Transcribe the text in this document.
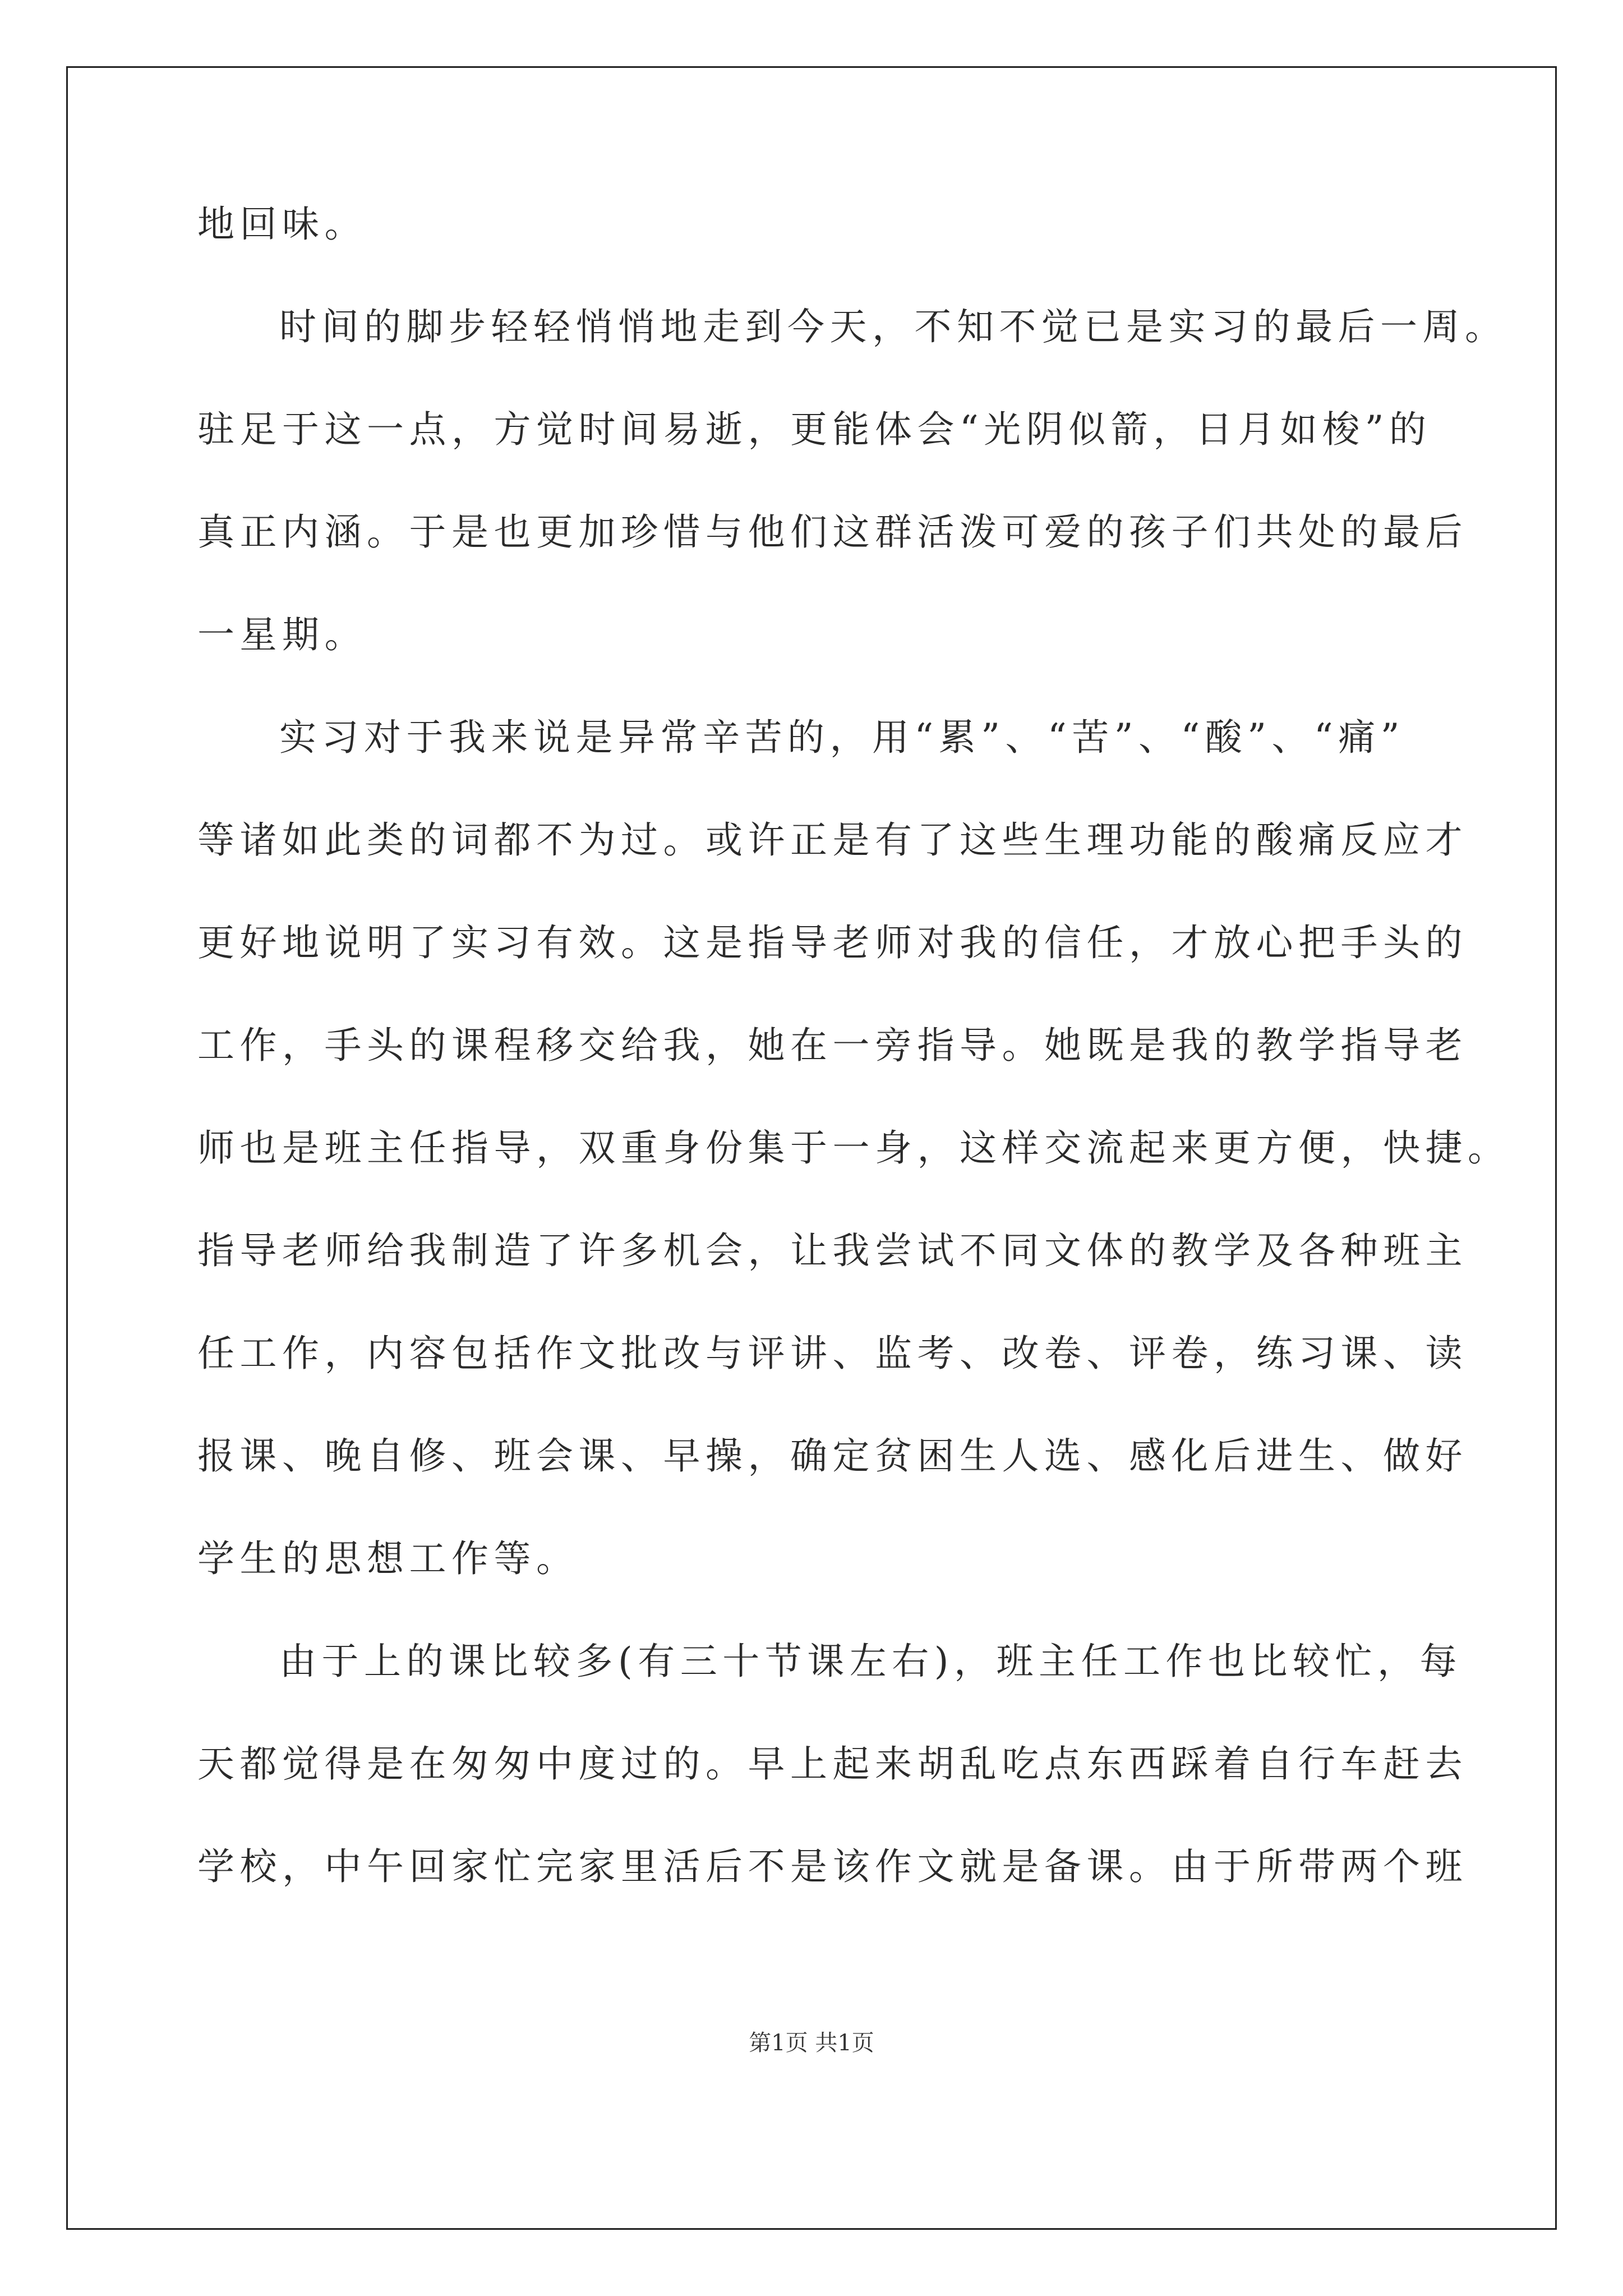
地回味。
时间的脚步轻轻悄悄地走到今天，不知不觉已是实习的最后一周。
驻足于这一点，方觉时间易逝，更能体会“光阴似箭，日月如梭”的
真正内涵。于是也更加珍惜与他们这群活泼可爱的孩子们共处的最后
一星期。
实习对于我来说是异常辛苦的，用“累”、“苦”、“酸”、“痛”
等诸如此类的词都不为过。或许正是有了这些生理功能的酸痛反应才
更好地说明了实习有效。这是指导老师对我的信任，才放心把手头的
工作，手头的课程移交给我，她在一旁指导。她既是我的教学指导老
师也是班主任指导，双重身份集于一身，这样交流起来更方便，快捷。
指导老师给我制造了许多机会，让我尝试不同文体的教学及各种班主
任工作，内容包括作文批改与评讲、监考、改卷、评卷，练习课、读
报课、晚自修、班会课、早操，确定贫困生人选、感化后进生、做好
学生的思想工作等。
由于上的课比较多(有三十节课左右)，班主任工作也比较忙，每
天都觉得是在匆匆中度过的。早上起来胡乱吃点东西踩着自行车赶去
学校，中午回家忙完家里活后不是该作文就是备课。由于所带两个班
第1页 共1页
